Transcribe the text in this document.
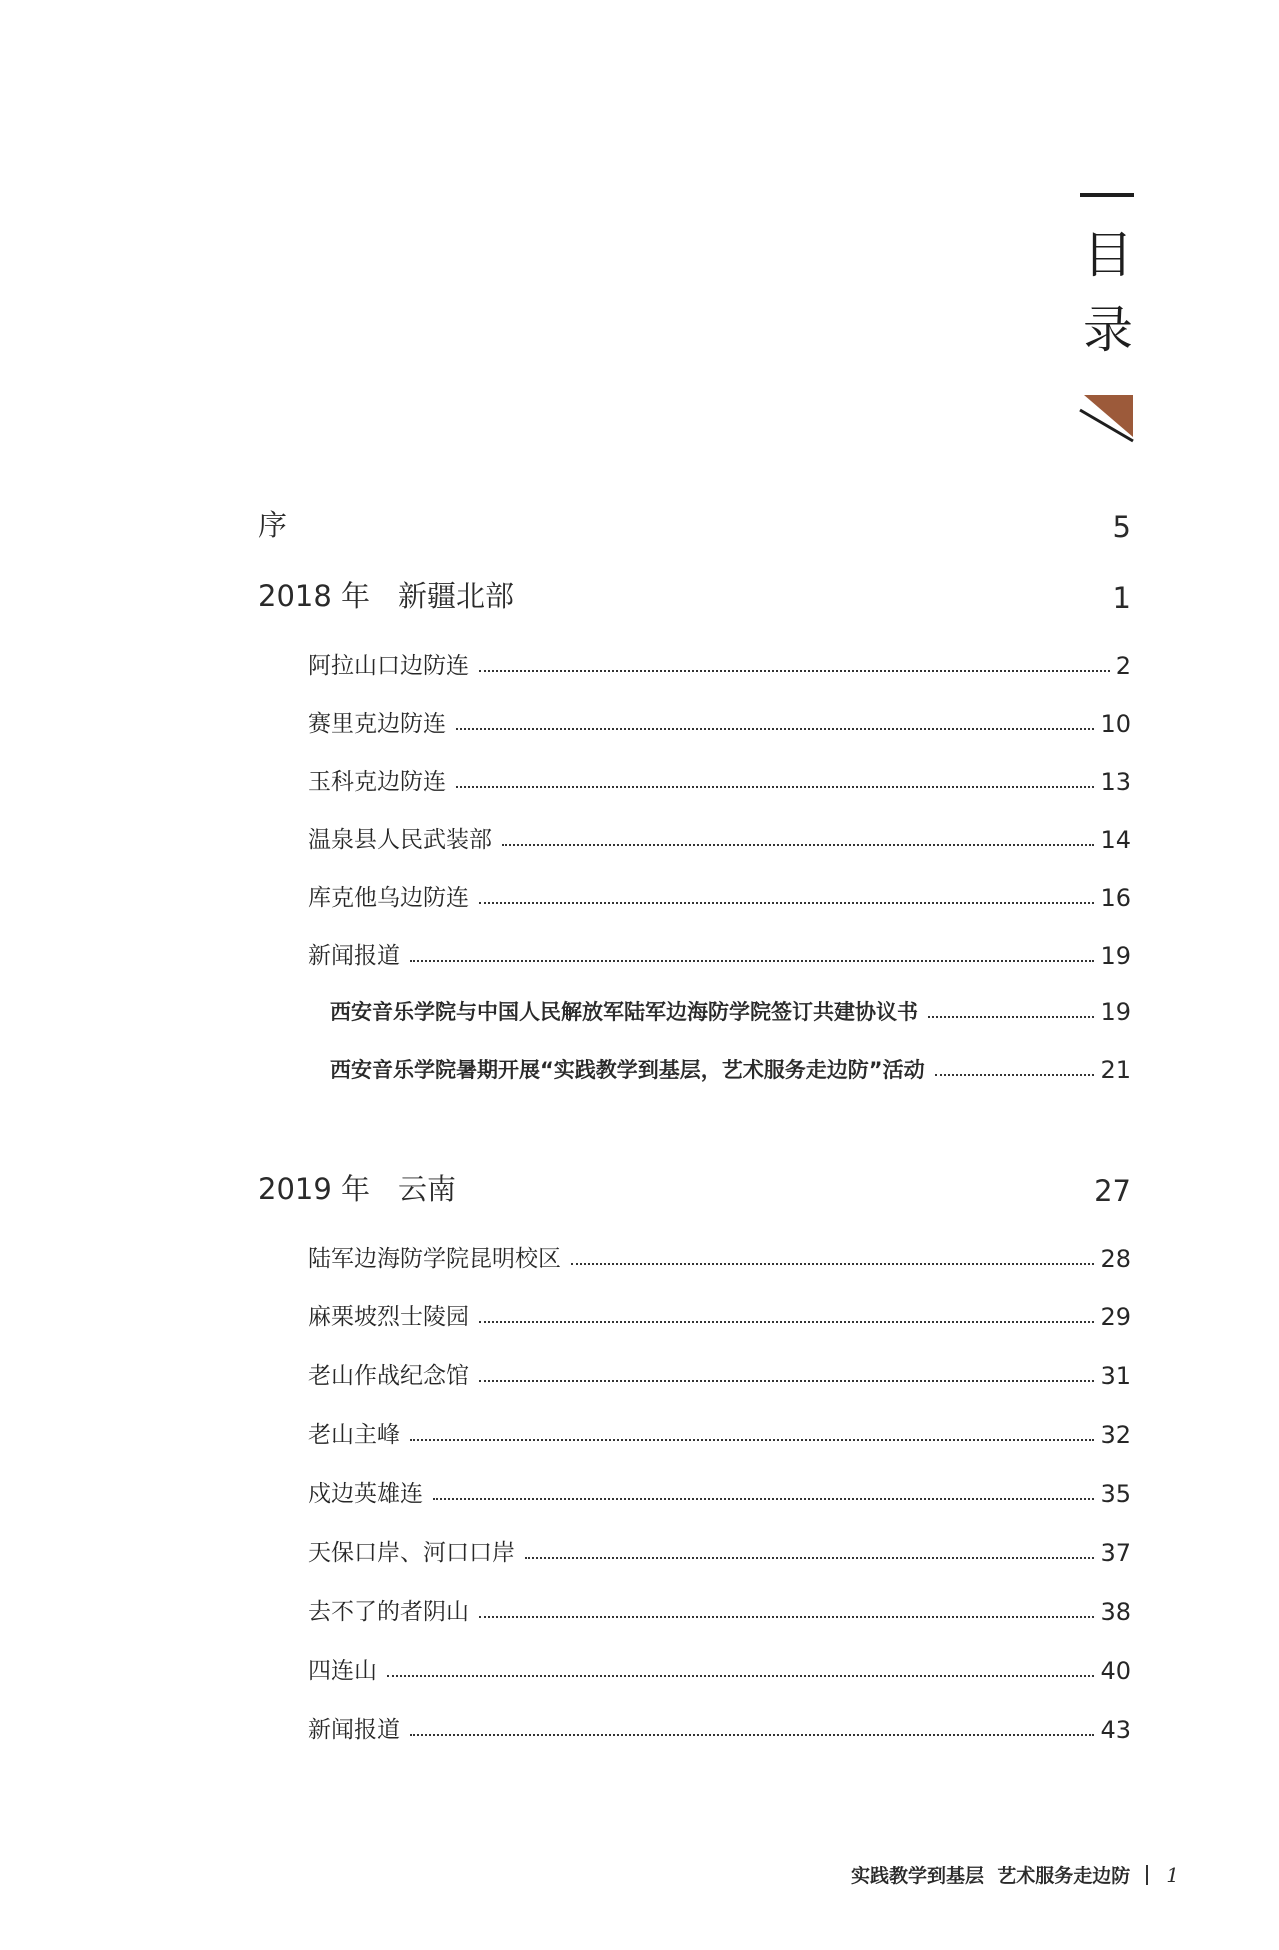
目
录
序	5
2018 年 新疆北部	1
阿拉山口边防连	2
赛里克边防连	10
玉科克边防连	13
温泉县人民武装部	14
库克他乌边防连	16
新闻报道	19
西安音乐学院与中国人民解放军陆军边海防学院签订共建协议书	19
西安音乐学院暑期开展“实践教学到基层，艺术服务走边防”活动	21
2019 年 云南	27
陆军边海防学院昆明校区	28
麻栗坡烈士陵园	29
老山作战纪念馆	31
老山主峰	32
戍边英雄连	35
天保口岸、河口口岸	37
去不了的者阴山	38
四连山	40
新闻报道	43
实践教学到基层  艺术服务走边防 1
